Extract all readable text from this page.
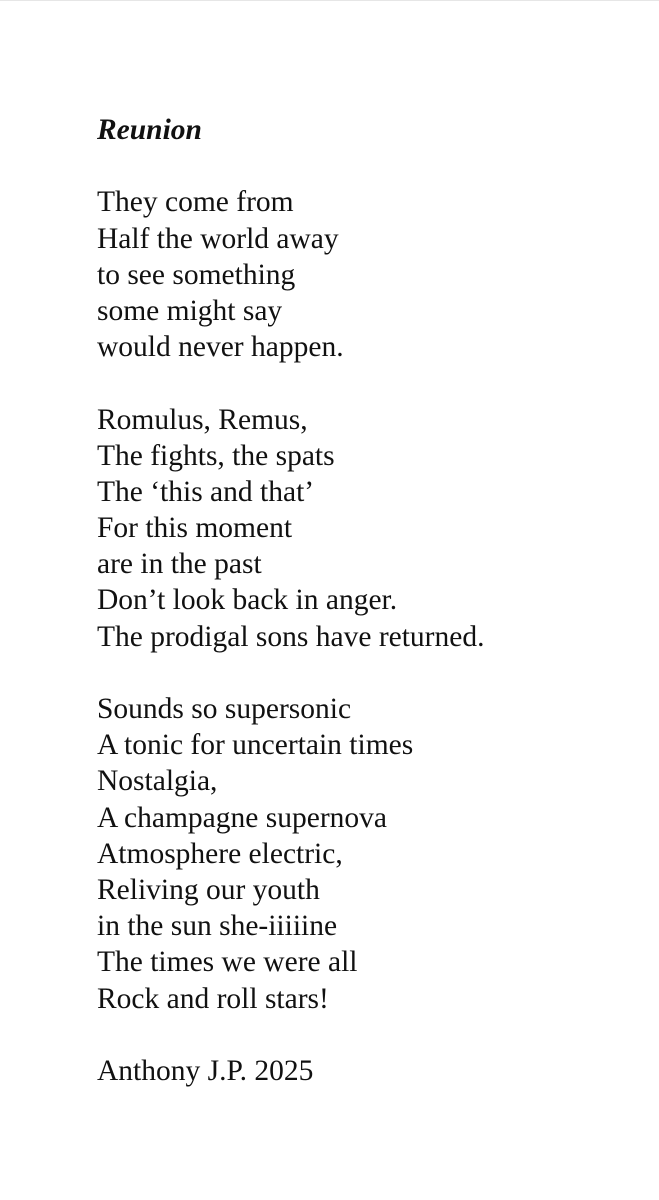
Reunion
They come from
Half the world away
to see something
some might say
would never happen.
Romulus, Remus,
The fights, the spats
The ‘this and that’
For this moment
are in the past
Don’t look back in anger.
The prodigal sons have returned.
Sounds so supersonic
A tonic for uncertain times
Nostalgia,
A champagne supernova
Atmosphere electric,
Reliving our youth
in the sun she-iiiiine
The times we were all
Rock and roll stars!
Anthony J.P. 2025
